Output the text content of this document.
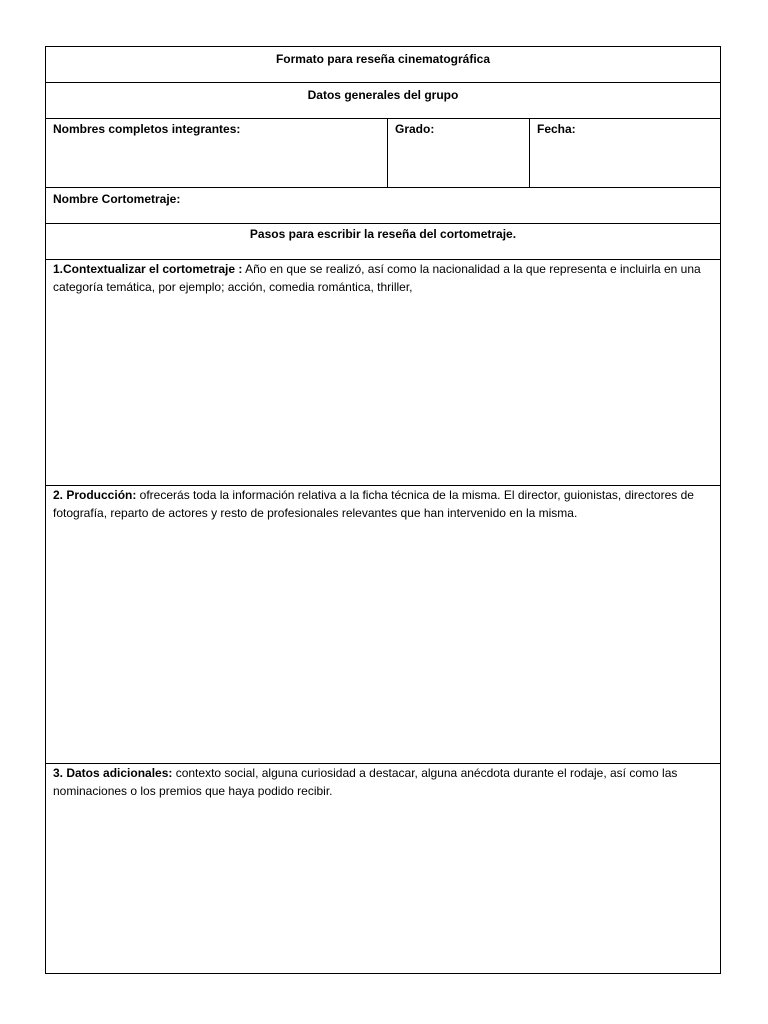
Formato para reseña cinematográfica
Datos generales del grupo
Nombres completos integrantes:	Grado:	Fecha:
Nombre Cortometraje:
Pasos para escribir la reseña del cortometraje.
1.Contextualizar el cortometraje : Año en que se realizó, así como la nacionalidad a la que representa e incluirla en una categoría temática, por ejemplo; acción, comedia romántica, thriller,
2. Producción: ofrecerás toda la información relativa a la ficha técnica de la misma. El director, guionistas, directores de fotografía, reparto de actores y resto de profesionales relevantes que han intervenido en la misma.
3. Datos adicionales: contexto social, alguna curiosidad a destacar, alguna anécdota durante el rodaje, así como las nominaciones o los premios que haya podido recibir.
